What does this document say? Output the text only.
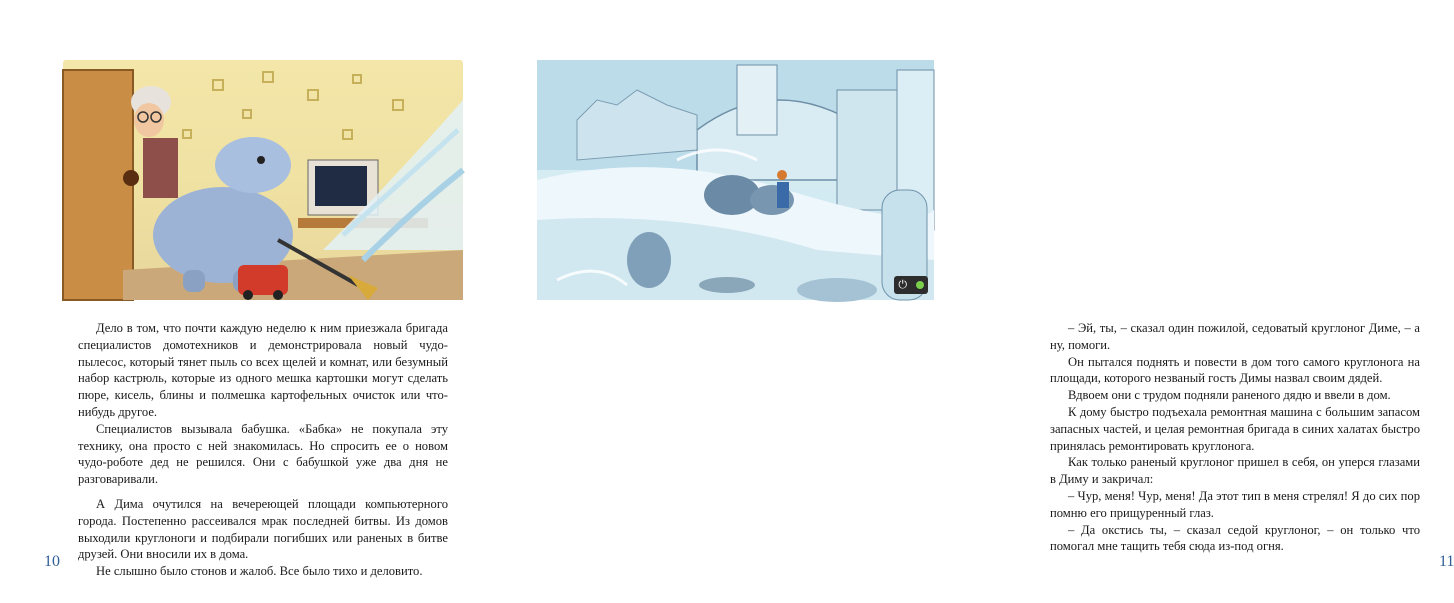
Дело в том, что почти каждую неделю к ним приезжала бригада специалистов домотехников и демонстрировала новый чудо-пылесос, который тянет пыль со всех щелей и комнат, или безумный набор кастрюль, которые из одного мешка картошки могут сделать пюре, кисель, блины и полмешка картофельных очисток или что-нибудь другое.

Специалистов вызывала бабушка. «Бабка» не покупала эту технику, она просто с ней знакомилась. Но спросить ее о новом чудо-роботе дед не решился. Они с бабушкой уже два дня не разговаривали.

А Дима очутился на вечереющей площади компьютерного города. Постепенно рассеивался мрак последней битвы. Из домов выходили круглоноги и подбирали погибших или раненых в битве друзей. Они вносили их в дома.

Не слышно было стонов и жалоб. Все было тихо и деловито.

10
⏻

– Эй, ты, – сказал один пожилой, седоватый круглоног Диме, – а ну, помоги.

Он пытался поднять и повести в дом того самого круглонога на площади, которого незваный гость Димы назвал своим дядей.

Вдвоем они с трудом подняли раненого дядю и ввели в дом.

К дому быстро подъехала ремонтная машина с большим запасом запасных частей, и целая ремонтная бригада в синих халатах быстро принялась ремонтировать круглонога.

Как только раненый круглоног пришел в себя, он уперся глазами в Диму и закричал:

– Чур, меня! Чур, меня! Да этот тип в меня стрелял! Я до сих пор помню его прищуренный глаз.

– Да окстись ты, – сказал седой круглоног, – он только что помогал мне тащить тебя сюда из-под огня.

11
